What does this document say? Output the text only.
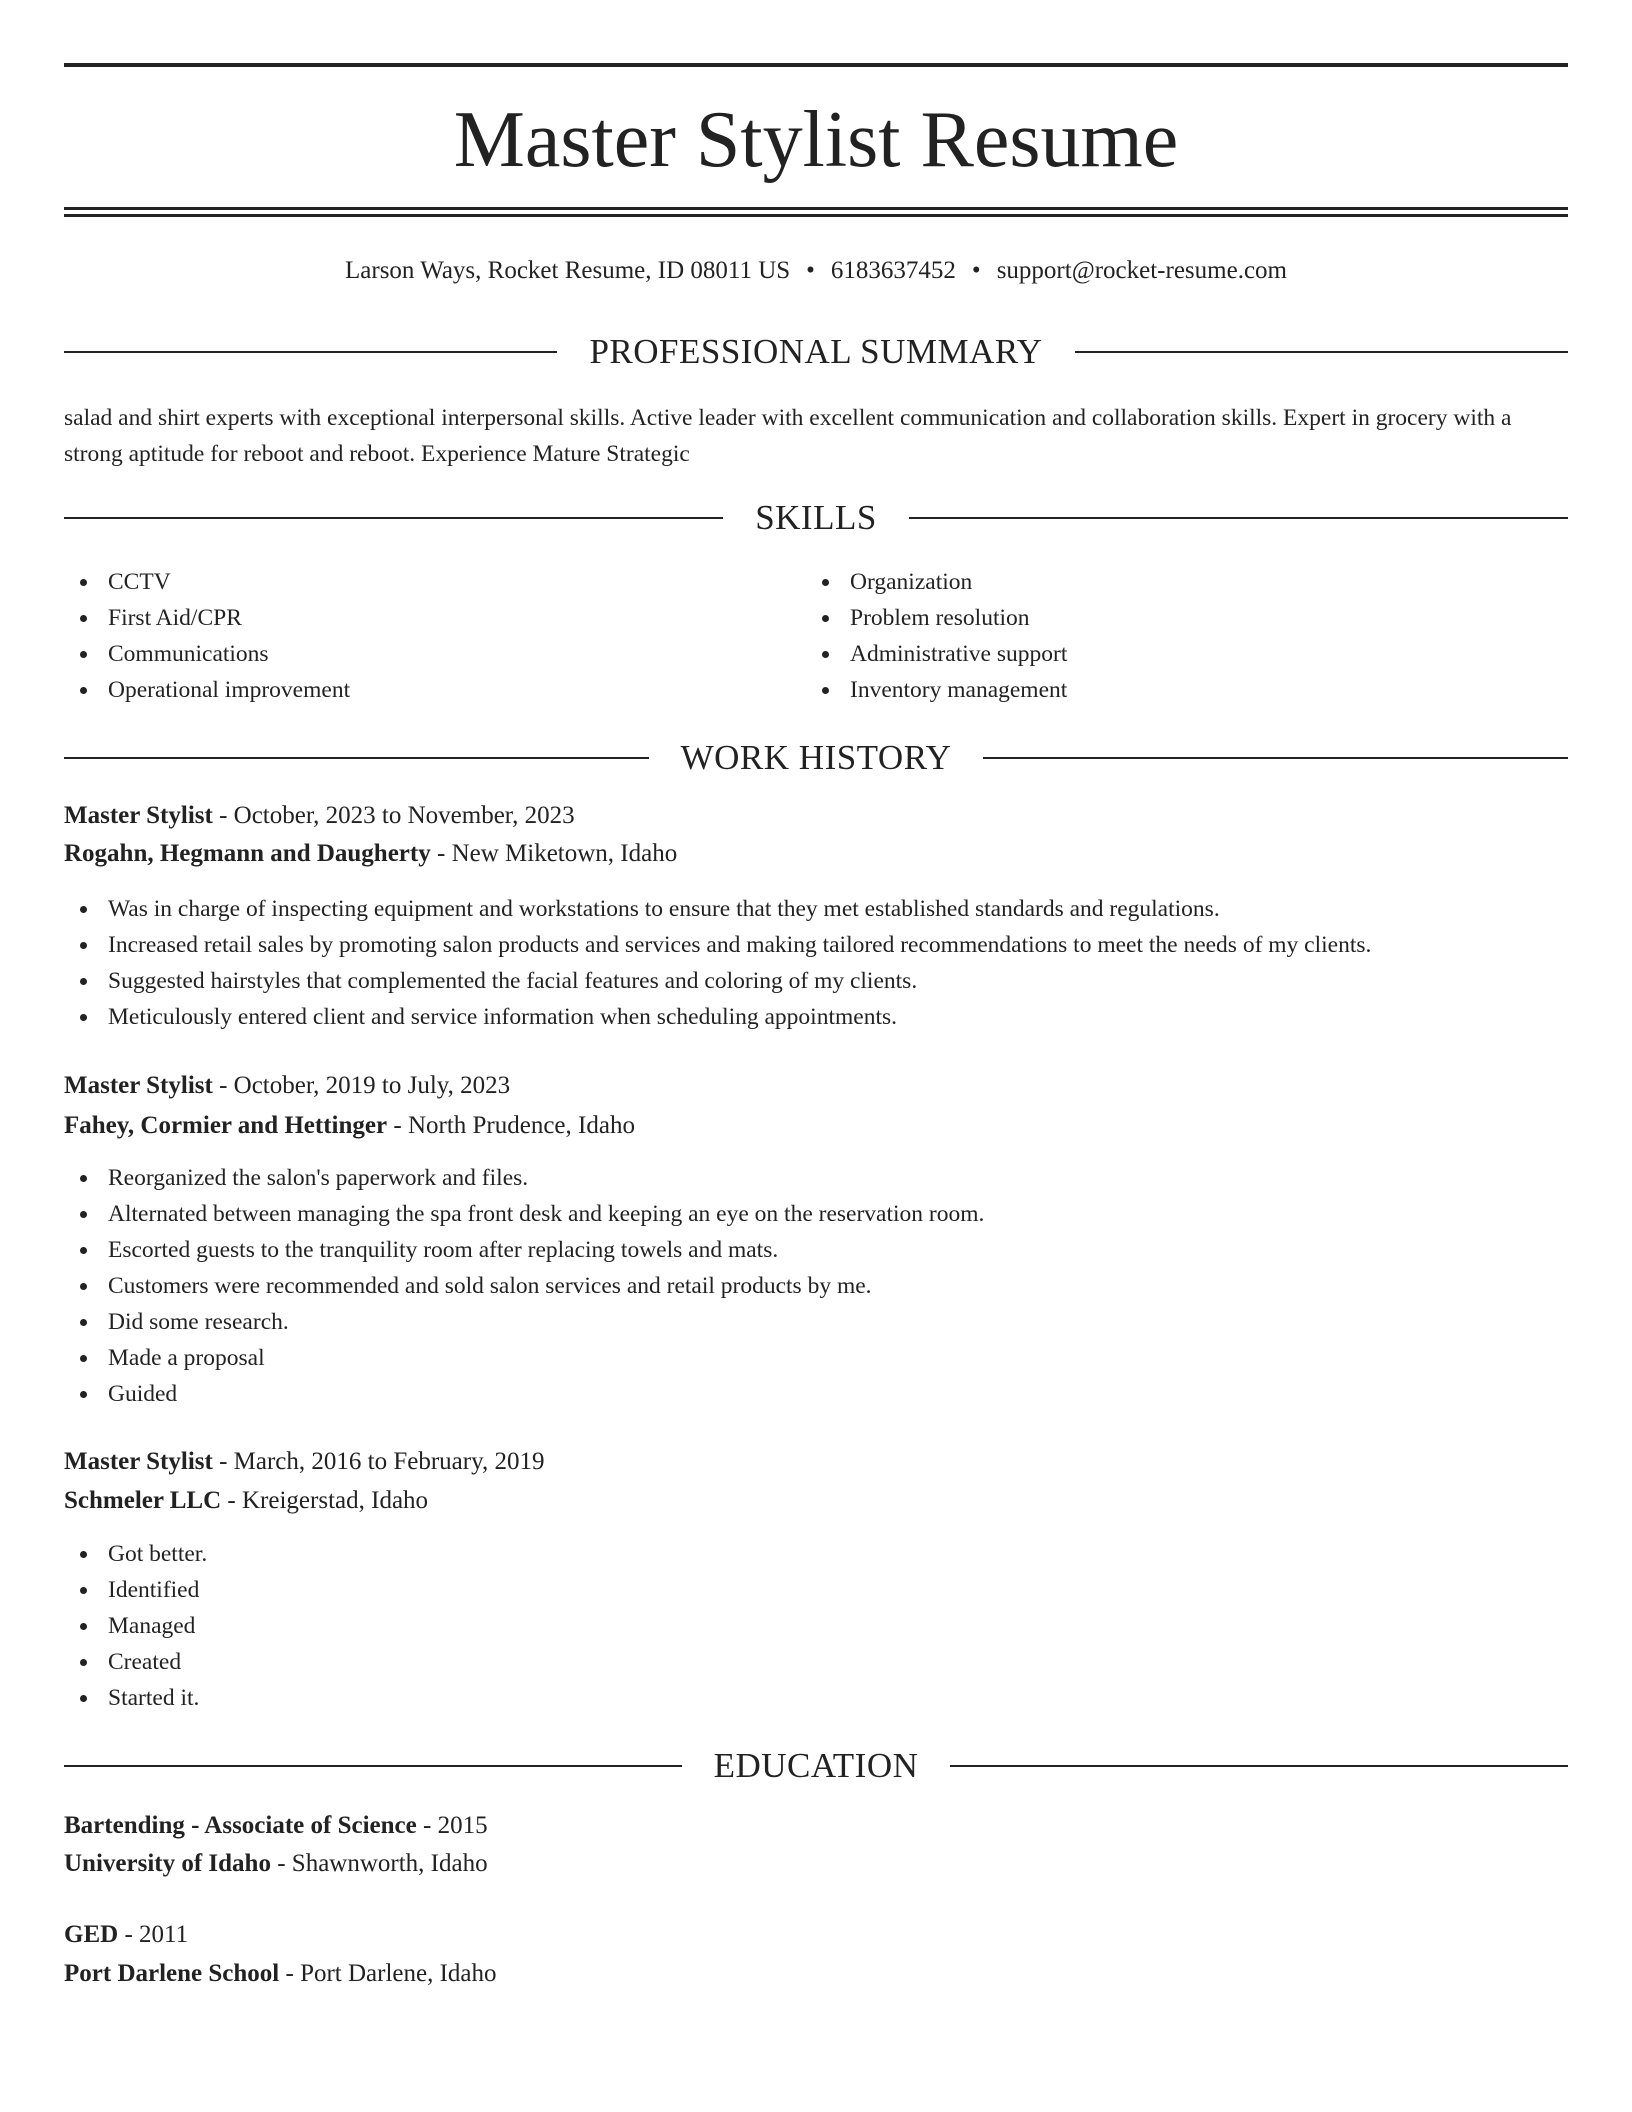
Master Stylist Resume
Larson Ways, Rocket Resume, ID 08011 US • 6183637452 • support@rocket-resume.com
PROFESSIONAL SUMMARY

salad and shirt experts with exceptional interpersonal skills. Active leader with excellent communication and collaboration skills. Expert in grocery with a strong aptitude for reboot and reboot. Experience Mature Strategic

SKILLS
CCTV
First Aid/CPR
Communications
Operational improvement
Organization
Problem resolution
Administrative support
Inventory management
WORK HISTORY
Master Stylist - October, 2023 to November, 2023
Rogahn, Hegmann and Daugherty - New Miketown, Idaho
Was in charge of inspecting equipment and workstations to ensure that they met established standards and regulations.
Increased retail sales by promoting salon products and services and making tailored recommendations to meet the needs of my clients.
Suggested hairstyles that complemented the facial features and coloring of my clients.
Meticulously entered client and service information when scheduling appointments.
Master Stylist - October, 2019 to July, 2023
Fahey, Cormier and Hettinger - North Prudence, Idaho
Reorganized the salon's paperwork and files.
Alternated between managing the spa front desk and keeping an eye on the reservation room.
Escorted guests to the tranquility room after replacing towels and mats.
Customers were recommended and sold salon services and retail products by me.
Did some research.
Made a proposal
Guided
Master Stylist - March, 2016 to February, 2019
Schmeler LLC - Kreigerstad, Idaho
Got better.
Identified
Managed
Created
Started it.
EDUCATION
Bartending - Associate of Science - 2015
University of Idaho - Shawnworth, Idaho
GED - 2011
Port Darlene School - Port Darlene, Idaho
